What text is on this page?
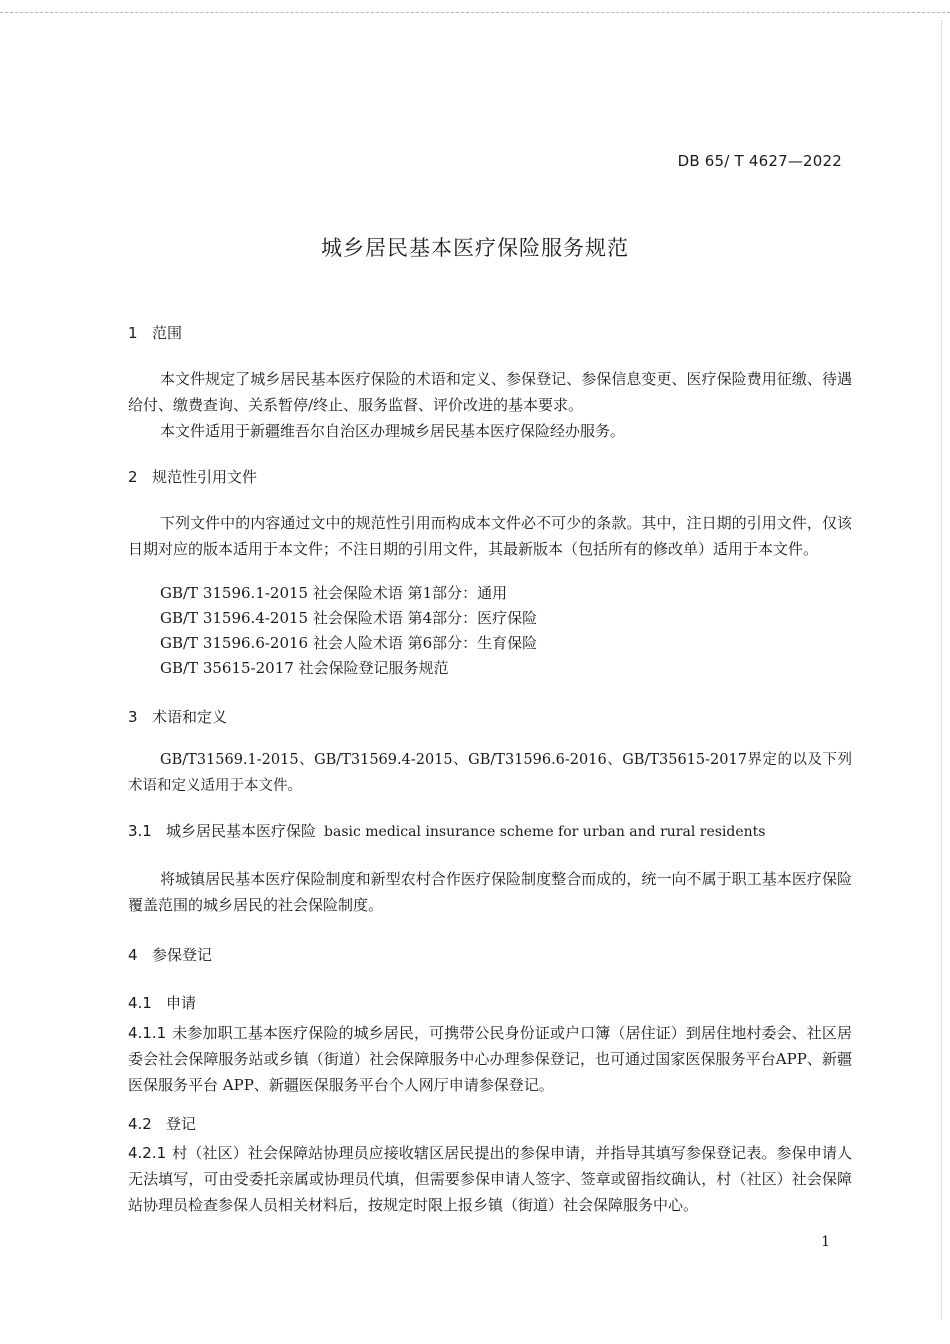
DB 65/ T 4627—2022
城乡居民基本医疗保险服务规范
1 范围
本文件规定了城乡居民基本医疗保险的术语和定义、参保登记、参保信息变更、医疗保险费用征缴、待遇给付、缴费查询、关系暂停/终止、服务监督、评价改进的基本要求。
本文件适用于新疆维吾尔自治区办理城乡居民基本医疗保险经办服务。
2 规范性引用文件
下列文件中的内容通过文中的规范性引用而构成本文件必不可少的条款。其中，注日期的引用文件，仅该日期对应的版本适用于本文件；不注日期的引用文件，其最新版本（包括所有的修改单）适用于本文件。
GB/T 31596.1-2015 社会保险术语 第1部分：通用
GB/T 31596.4-2015 社会保险术语 第4部分：医疗保险
GB/T 31596.6-2016 社会人险术语 第6部分：生育保险
GB/T 35615-2017 社会保险登记服务规范
3 术语和定义
GB/T31569.1-2015、GB/T31569.4-2015、GB/T31596.6-2016、GB/T35615-2017界定的以及下列术语和定义适用于本文件。
3.1 城乡居民基本医疗保险 basic medical insurance scheme for urban and rural residents
将城镇居民基本医疗保险制度和新型农村合作医疗保险制度整合而成的，统一向不属于职工基本医疗保险覆盖范围的城乡居民的社会保险制度。
4 参保登记
4.1 申请
4.1.1 未参加职工基本医疗保险的城乡居民，可携带公民身份证或户口簿（居住证）到居住地村委会、社区居委会社会保障服务站或乡镇（街道）社会保障服务中心办理参保登记，也可通过国家医保服务平台APP、新疆医保服务平台 APP、新疆医保服务平台个人网厅申请参保登记。
4.2 登记
4.2.1 村（社区）社会保障站协理员应接收辖区居民提出的参保申请，并指导其填写参保登记表。参保申请人无法填写，可由受委托亲属或协理员代填，但需要参保申请人签字、签章或留指纹确认，村（社区）社会保障站协理员检查参保人员相关材料后，按规定时限上报乡镇（街道）社会保障服务中心。
1
